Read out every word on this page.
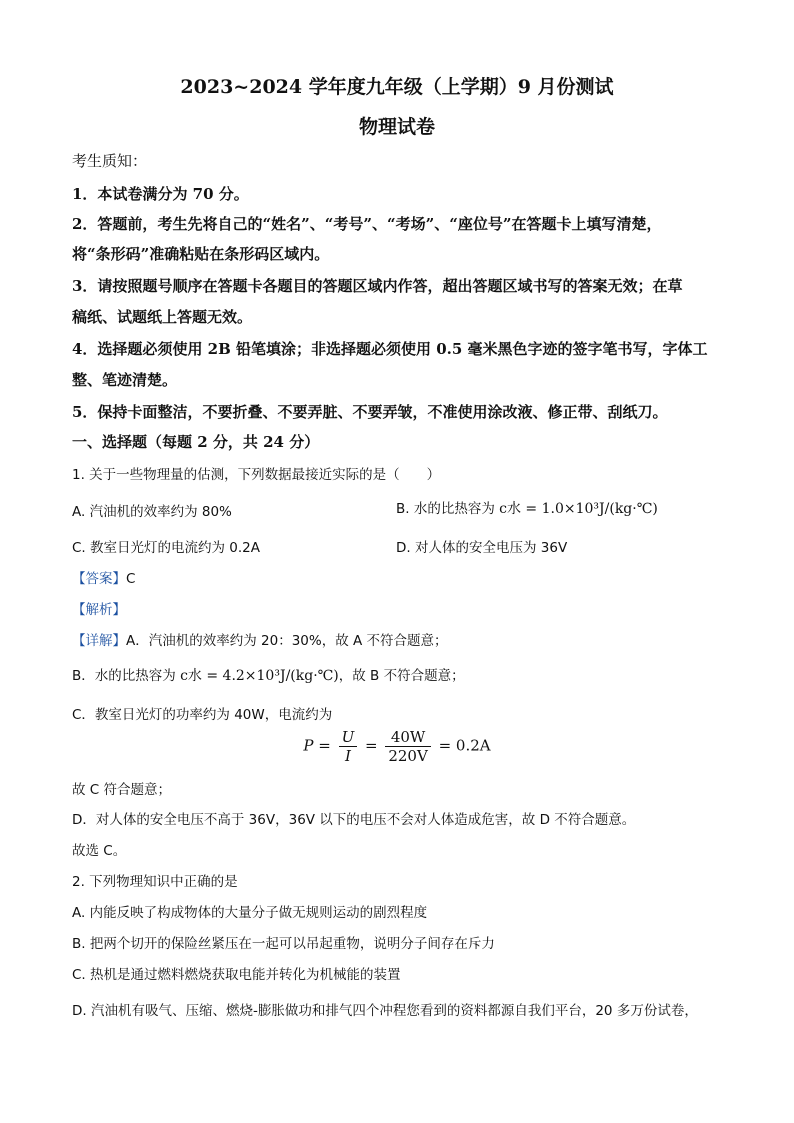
2023~2024 学年度九年级（上学期）9 月份测试
物理试卷
考生质知：
1．本试卷满分为 70 分。
2．答题前，考生先将自己的“姓名”、“考号”、“考场”、“座位号”在答题卡上填写清楚，
将“条形码”准确粘贴在条形码区域内。
3．请按照题号顺序在答题卡各题目的答题区域内作答，超出答题区域书写的答案无效；在草
稿纸、试题纸上答题无效。
4．选择题必须使用 2B 铅笔填涂；非选择题必须使用 0.5 毫米黑色字迹的签字笔书写，字体工
整、笔迹清楚。
5．保持卡面整洁，不要折叠、不要弄脏、不要弄皱，不准使用涂改液、修正带、刮纸刀。
一、选择题（每题 2 分，共 24 分）
1. 关于一些物理量的估测，下列数据最接近实际的是（　　）
A. 汽油机的效率约为 80%	B. 水的比热容为 c水 = 1.0×10³J/(kg·℃)
C. 教室日光灯的电流约为 0.2A	D. 对人体的安全电压为 36V
【答案】C
【解析】
【详解】A．汽油机的效率约为 20：30%，故 A 不符合题意；
B．水的比热容为 c水 = 4.2×10³J/(kg·℃)，故 B 不符合题意；
C．教室日光灯的功率约为 40W，电流约为
$P = \frac{U}{I} = \frac{40W}{220V} = 0.2A$
故 C 符合题意；
D．对人体的安全电压不高于 36V，36V 以下的电压不会对人体造成危害，故 D 不符合题意。
故选 C。
2. 下列物理知识中正确的是
A. 内能反映了构成物体的大量分子做无规则运动的剧烈程度
B. 把两个切开的保险丝紧压在一起可以吊起重物，说明分子间存在斥力
C. 热机是通过燃料燃烧获取电能并转化为机械能的装置
D. 汽油机有吸气、压缩、燃烧-膨胀做功和排气四个冲程您看到的资料都源自我们平台，20 多万份试卷，
